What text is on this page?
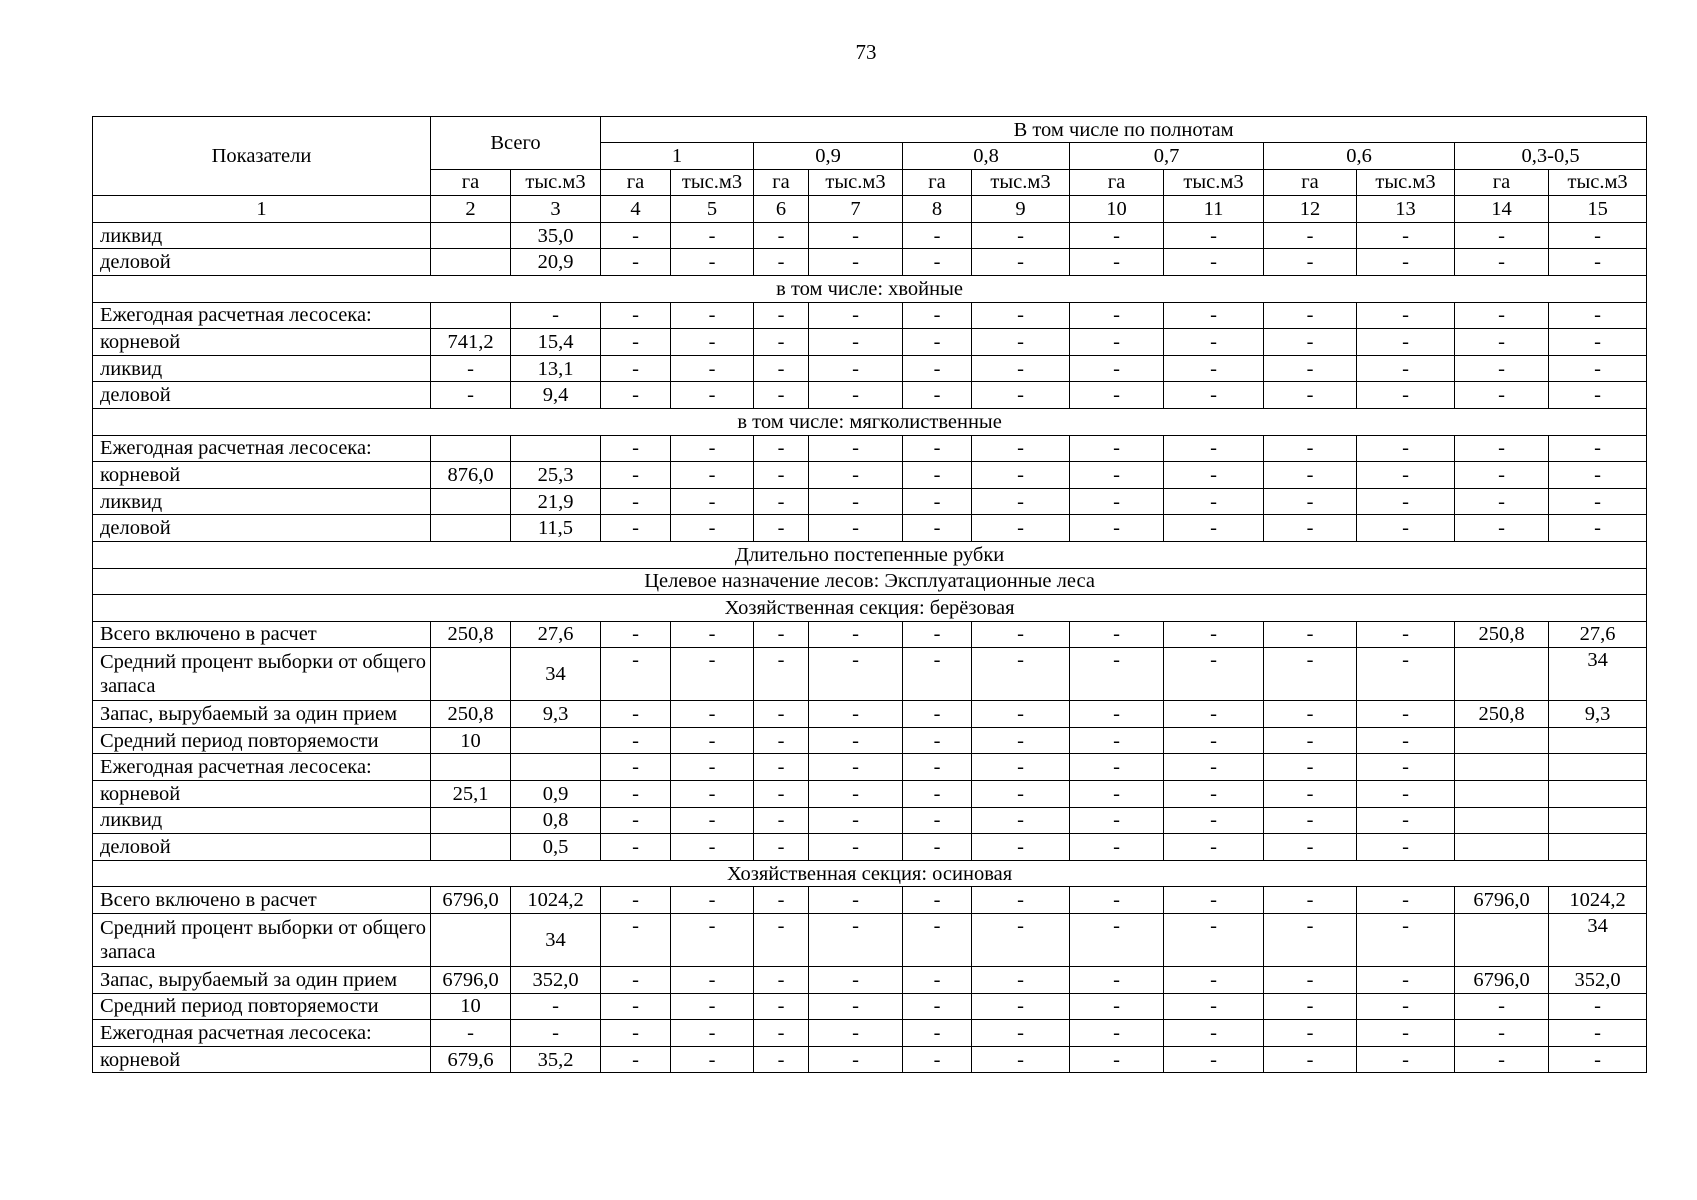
73
Показатели	Всего		В том числе по полнотам											
			1		0,9		0,8		0,7		0,6		0,3-0,5	
	га	тыс.м3	га	тыс.м3	га	тыс.м3	га	тыс.м3	га	тыс.м3	га	тыс.м3	га	тыс.м3
1	2	3	4	5	6	7	8	9	10	11	12	13	14	15
ликвид		35,0	-	-	-	-	-	-	-	-	-	-	-	-
деловой		20,9	-	-	-	-	-	-	-	-	-	-	-	-
в том числе: хвойные														
Ежегодная расчетная лесосека:		-	-	-	-	-	-	-	-	-	-	-	-	-
корневой	741,2	15,4	-	-	-	-	-	-	-	-	-	-	-	-
ликвид	-	13,1	-	-	-	-	-	-	-	-	-	-	-	-
деловой	-	9,4	-	-	-	-	-	-	-	-	-	-	-	-
в том числе: мягколиственные														
Ежегодная расчетная лесосека:			-	-	-	-	-	-	-	-	-	-	-	-
корневой	876,0	25,3	-	-	-	-	-	-	-	-	-	-	-	-
ликвид		21,9	-	-	-	-	-	-	-	-	-	-	-	-
деловой		11,5	-	-	-	-	-	-	-	-	-	-	-	-
Длительно постепенные рубки														
Целевое назначение лесов: Эксплуатационные леса														
Хозяйственная секция: берёзовая														
Всего включено в расчет	250,8	27,6	-	-	-	-	-	-	-	-	-	-	250,8	27,6
Средний процент выборки от общего запаса		34	-	-	-	-	-	-	-	-	-	-		34
Запас, вырубаемый за один прием	250,8	9,3	-	-	-	-	-	-	-	-	-	-	250,8	9,3
Средний период повторяемости	10		-	-	-	-	-	-	-	-	-	-		
Ежегодная расчетная лесосека:			-	-	-	-	-	-	-	-	-	-		
корневой	25,1	0,9	-	-	-	-	-	-	-	-	-	-		
ликвид		0,8	-	-	-	-	-	-	-	-	-	-		
деловой		0,5	-	-	-	-	-	-	-	-	-	-		
Хозяйственная секция: осиновая														
Всего включено в расчет	6796,0	1024,2	-	-	-	-	-	-	-	-	-	-	6796,0	1024,2
Средний процент выборки от общего запаса		34	-	-	-	-	-	-	-	-	-	-		34
Запас, вырубаемый за один прием	6796,0	352,0	-	-	-	-	-	-	-	-	-	-	6796,0	352,0
Средний период повторяемости	10	-	-	-	-	-	-	-	-	-	-	-	-	-
Ежегодная расчетная лесосека:	-	-	-	-	-	-	-	-	-	-	-	-	-	-
корневой	679,6	35,2	-	-	-	-	-	-	-	-	-	-	-	-
